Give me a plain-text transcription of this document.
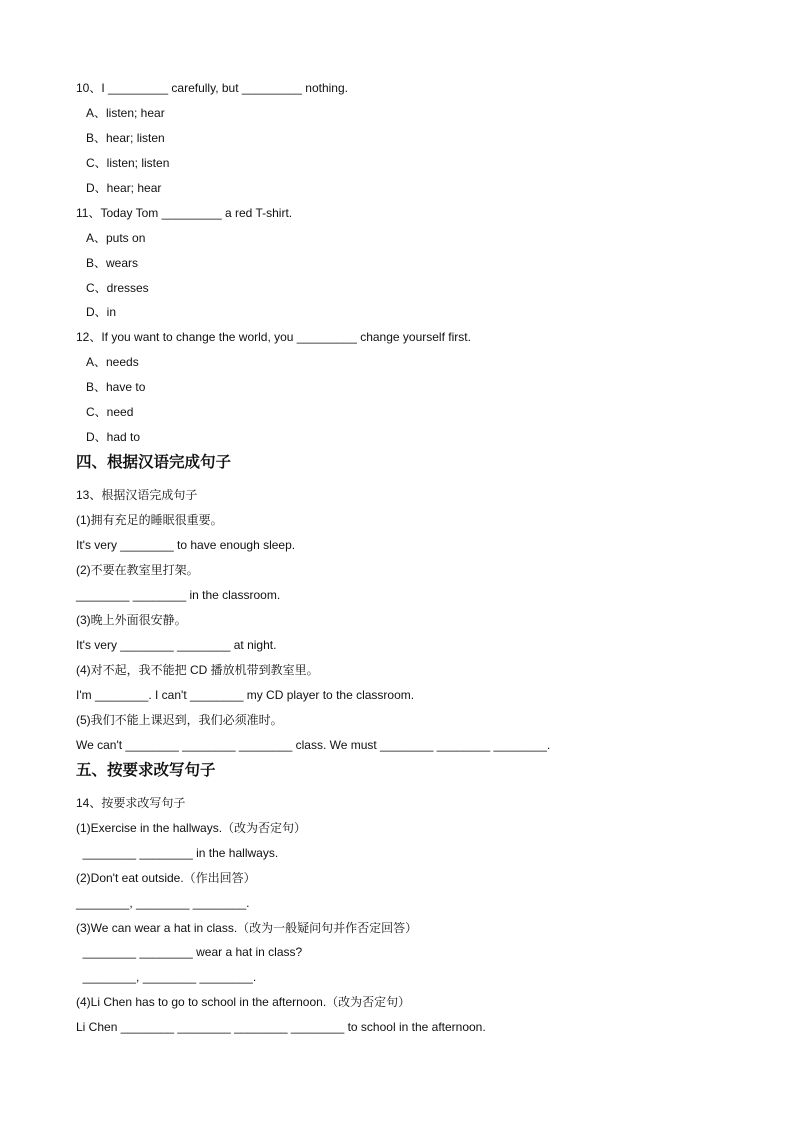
10、I _________ carefully, but _________ nothing.
A、listen; hear
B、hear; listen
C、listen; listen
D、hear; hear
11、Today Tom _________ a red T-shirt.
A、puts on
B、wears
C、dresses
D、in
12、If you want to change the world, you _________ change yourself first.
A、needs
B、have to
C、need
D、had to
四、根据汉语完成句子
13、根据汉语完成句子
(1)拥有充足的睡眠很重要。
It's very ________ to have enough sleep.
(2)不要在教室里打架。
________ ________ in the classroom.
(3)晚上外面很安静。
It's very ________ ________ at night.
(4)对不起，我不能把 CD 播放机带到教室里。
I'm ________. I can't ________ my CD player to the classroom.
(5)我们不能上课迟到，我们必须准时。
We can't ________ ________ ________ class. We must ________ ________ ________.
五、按要求改写句子
14、按要求改写句子
(1)Exercise in the hallways.（改为否定句）
________ ________ in the hallways.
(2)Don't eat outside.（作出回答）
________, ________ ________.
(3)We can wear a hat in class.（改为一般疑问句并作否定回答）
________ ________ wear a hat in class?
________, ________ ________.
(4)Li Chen has to go to school in the afternoon.（改为否定句）
Li Chen ________ ________ ________ ________ to school in the afternoon.
